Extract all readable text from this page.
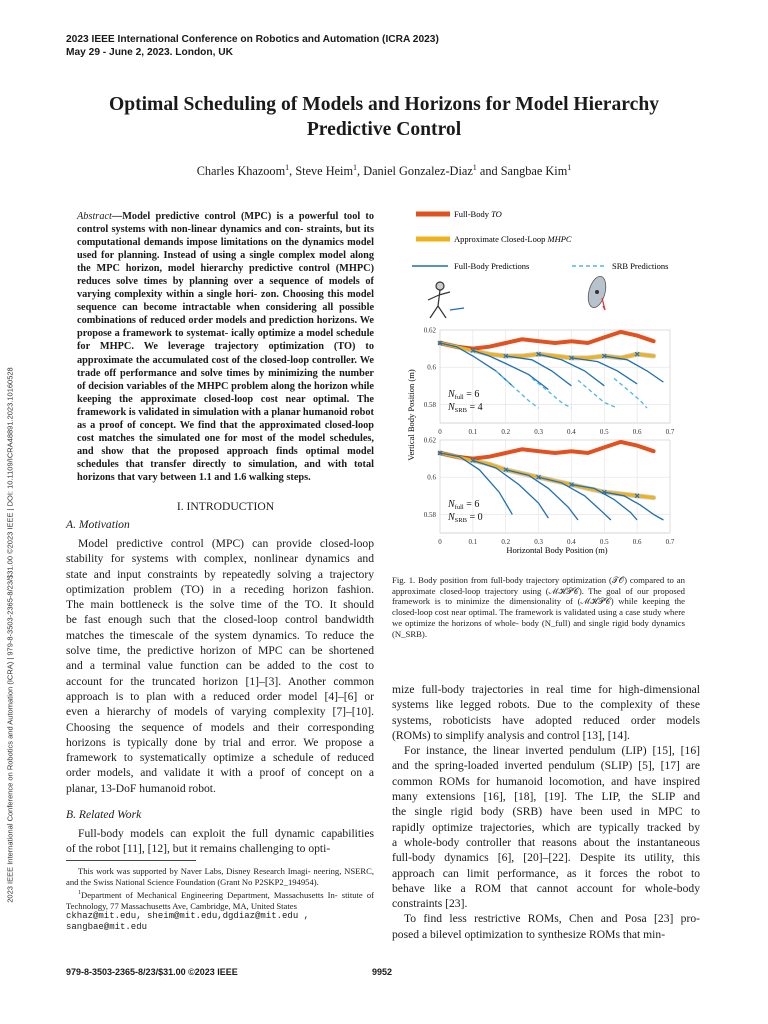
2023 IEEE International Conference on Robotics and Automation (ICRA 2023)
May 29 - June 2, 2023. London, UK
Optimal Scheduling of Models and Horizons for Model Hierarchy
Predictive Control
Charles Khazoom$^1$, Steve Heim$^1$, Daniel Gonzalez-Diaz$^1$ and Sangbae Kim$^1$
2023 IEEE International Conference on Robotics and Automation (ICRA) | 979-8-3503-2365-8/23/$31.00 ©2023 IEEE | DOI: 10.1109/ICRA48891.2023.10160528
Abstract—Model predictive control (MPC) is a powerful tool to control systems with non-linear dynamics and con- straints, but its computational demands impose limitations on the dynamics model used for planning. Instead of using a single complex model along the MPC horizon, model hierarchy predictive control (MHPC) reduces solve times by planning over a sequence of models of varying complexity within a single hori- zon. Choosing this model sequence can become intractable when considering all possible combinations of reduced order models and prediction horizons. We propose a framework to systemat- ically optimize a model schedule for MHPC. We leverage trajectory optimization (TO) to approximate the accumulated cost of the closed-loop controller. We trade off performance and solve times by minimizing the number of decision variables of the MHPC problem along the horizon while keeping the approximate closed-loop cost near optimal. The framework is validated in simulation with a planar humanoid robot as a proof of concept. We find that the approximated closed-loop cost matches the simulated one for most of the model schedules, and show that the proposed approach finds optimal model schedules that transfer directly to simulation, and with total horizons that vary between 1.1 and 1.6 walking steps.
I. INTRODUCTION
A. Motivation
Model predictive control (MPC) can provide closed-loop
stability for systems with complex, nonlinear dynamics and
state and input constraints by repeatedly solving a trajectory
optimization problem (TO) in a receding horizon fashion.
The main bottleneck is the solve time of the TO. It should
be fast enough such that the closed-loop control bandwidth
matches the timescale of the system dynamics. To reduce the
solve time, the predictive horizon of MPC can be shortened
and a terminal value function can be added to the cost to
account for the truncated horizon [1]–[3]. Another common
approach is to plan with a reduced order model [4]–[6] or
even a hierarchy of models of varying complexity [7]–[10].
Choosing the sequence of models and their corresponding
horizons is typically done by trial and error. We propose a
framework to systematically optimize a schedule of reduced
order models, and validate it with a proof of concept on a
planar, 13-DoF humanoid robot.
B. Related Work
Full-body models can exploit the full dynamic capabilities
of the robot [11], [12], but it remains challenging to opti-
This work was supported by Naver Labs, Disney Research Imagi- neering, NSERC, and the Swiss National Science Foundation (Grant No P2SKP2_194954).
$^1$Department of Mechanical Engineering Department, Massachusetts In- stitute of Technology, 77 Massachusetts Ave, Cambridge, MA, United States
ckhaz@mit.edu, sheim@mit.edu,dgdiaz@mit.edu ,
sangbae@mit.edu
Full-Body TO
Approximate Closed-Loop MHPC
Full-Body Predictions	SRB Predictions
Vertical Body Position (m)	0	0.1	0.2	0.3	0.4	0.5	0.6	0.7
0.58
0.6
0.62
$N_{full} = 6$
$N_{SRB} = 4$
0	0.1	0.2	0.3	0.4	0.5	0.6	0.7
0.58
0.6
0.62
$N_{full} = 6$
$N_{SRB} = 0$
Horizontal Body Position (m)
Fig. 1. Body position from full-body trajectory optimization (𝒯𝒪) compared to an approximate closed-loop trajectory using (ℳℋ𝒫𝒞). The goal of our proposed framework is to minimize the dimensionality of (ℳℋ𝒫𝒞) while keeping the closed-loop cost near optimal. The framework is validated using a case study where we optimize the horizons of whole- body (N_full) and single rigid body dynamics (N_SRB).
mize full-body trajectories in real time for high-dimensional
systems like legged robots. Due to the complexity of these
systems, roboticists have adopted reduced order models
(ROMs) to simplify analysis and control [13], [14].
For instance, the linear inverted pendulum (LIP) [15], [16]
and the spring-loaded inverted pendulum (SLIP) [5], [17] are
common ROMs for humanoid locomotion, and have inspired
many extensions [16], [18], [19]. The LIP, the SLIP and
the single rigid body (SRB) have been used in MPC to
rapidly optimize trajectories, which are typically tracked by
a whole-body controller that reasons about the instantaneous
full-body dynamics [6], [20]–[22]. Despite its utility, this
approach can limit performance, as it forces the robot to
behave like a ROM that cannot account for whole-body
constraints [23].
To find less restrictive ROMs, Chen and Posa [23] pro-
posed a bilevel optimization to synthesize ROMs that min-
979-8-3503-2365-8/23/$31.00 ©2023 IEEE	9952
